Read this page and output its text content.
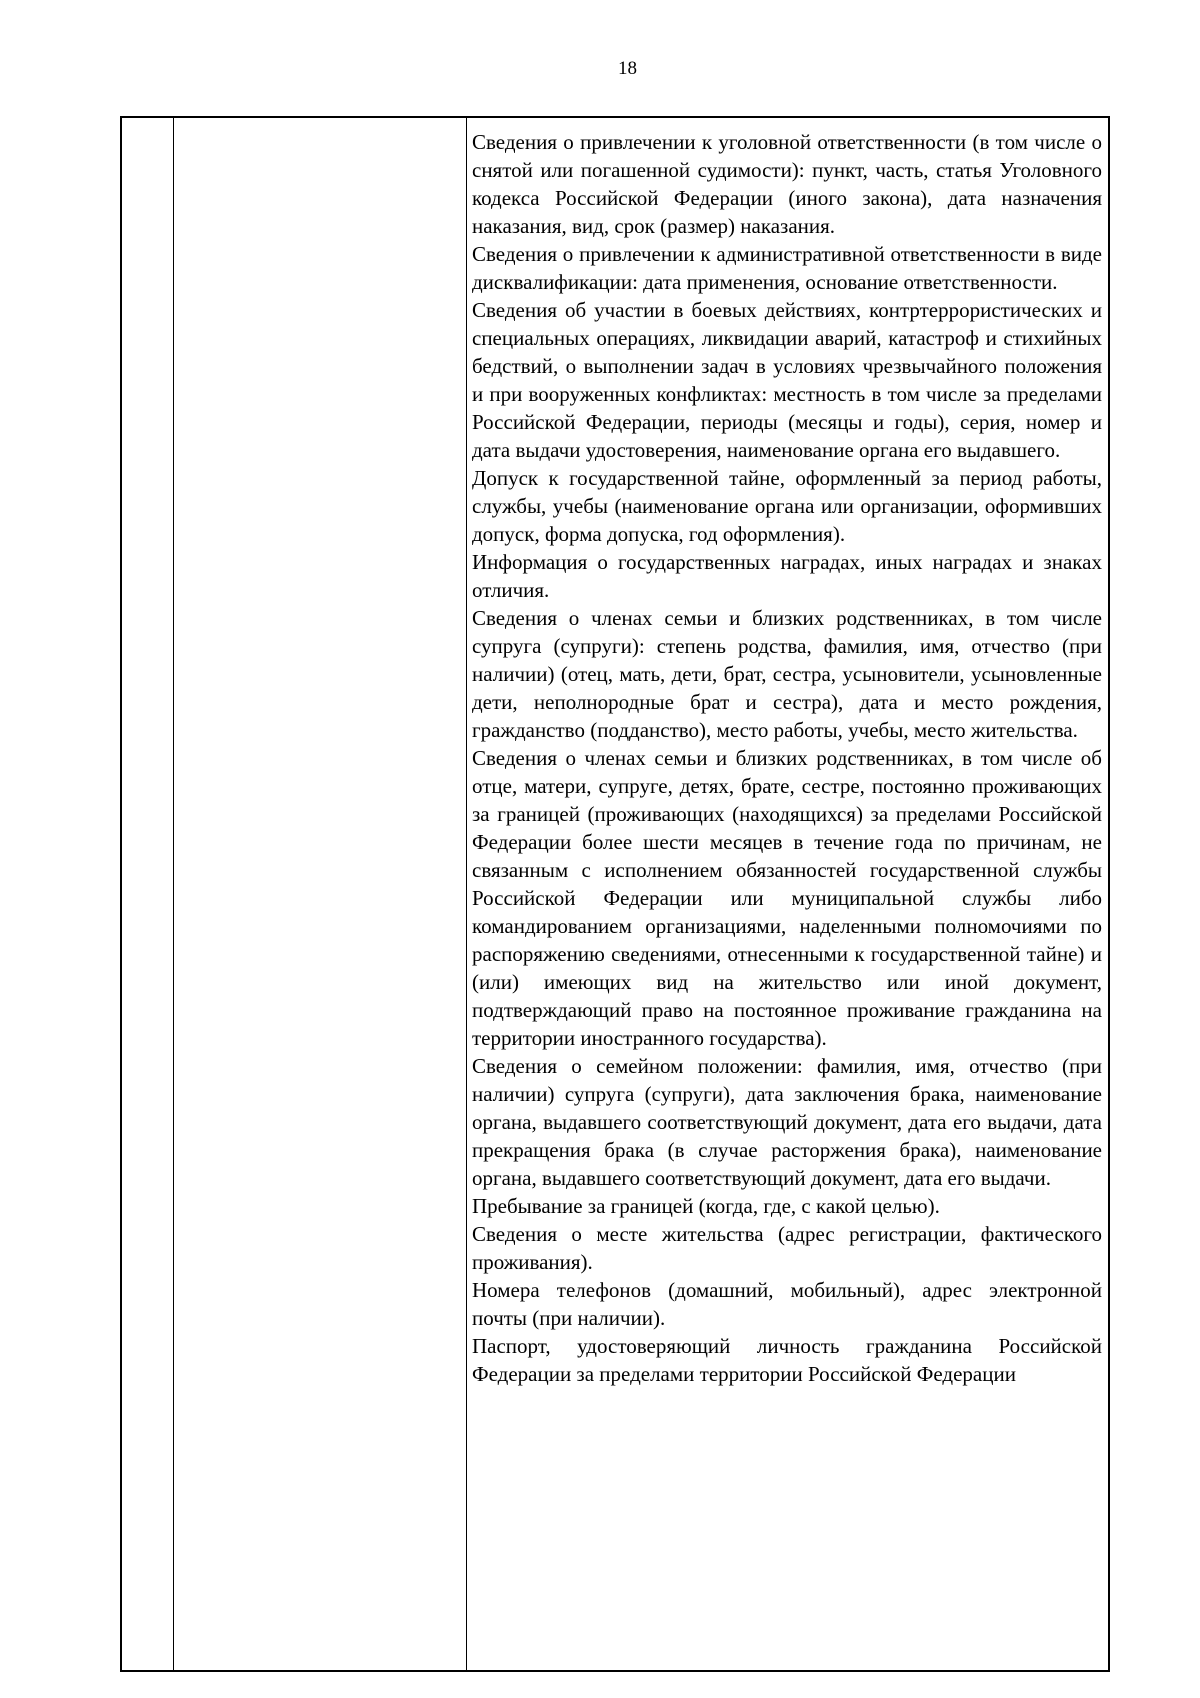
18

Сведения о привлечении к уголовной ответственности (в том числе о снятой или погашенной судимости): пункт, часть, статья Уголовного кодекса Российской Федерации (иного закона), дата назначения наказания, вид, срок (размер) наказания.

Сведения о привлечении к административной ответственности в виде дисквалификации: дата применения, основание ответственности.

Сведения об участии в боевых действиях, контртеррористических и специальных операциях, ликвидации аварий, катастроф и стихийных бедствий, о выполнении задач в условиях чрезвычайного положения и при вооруженных конфликтах: местность в том числе за пределами Российской Федерации, периоды (месяцы и годы), серия, номер и дата выдачи удостоверения, наименование органа его выдавшего.

Допуск к государственной тайне, оформленный за период работы, службы, учебы (наименование органа или организации, оформивших допуск, форма допуска, год оформления).

Информация о государственных наградах, иных наградах и знаках отличия.

Сведения о членах семьи и близких родственниках, в том числе супруга (супруги): степень родства, фамилия, имя, отчество (при наличии) (отец, мать, дети, брат, сестра, усыновители, усыновленные дети, неполнородные брат и сестра), дата и место рождения, гражданство (подданство), место работы, учебы, место жительства.

Сведения о членах семьи и близких родственниках, в том числе об отце, матери, супруге, детях, брате, сестре, постоянно проживающих за границей (проживающих (находящихся) за пределами Российской Федерации более шести месяцев в течение года по причинам, не связанным с исполнением обязанностей государственной службы Российской Федерации или муниципальной службы либо командированием организациями, наделенными полномочиями по распоряжению сведениями, отнесенными к государственной тайне) и (или) имеющих вид на жительство или иной документ, подтверждающий право на постоянное проживание гражданина на территории иностранного государства).

Сведения о семейном положении: фамилия, имя, отчество (при наличии) супруга (супруги), дата заключения брака, наименование органа, выдавшего соответствующий документ, дата его выдачи, дата прекращения брака (в случае расторжения брака), наименование органа, выдавшего соответствующий документ, дата его выдачи.

Пребывание за границей (когда, где, с какой целью).

Сведения о месте жительства (адрес регистрации, фактического проживания).

Номера телефонов (домашний, мобильный), адрес электронной почты (при наличии).

Паспорт, удостоверяющий личность гражданина Российской Федерации за пределами территории Российской Федерации
